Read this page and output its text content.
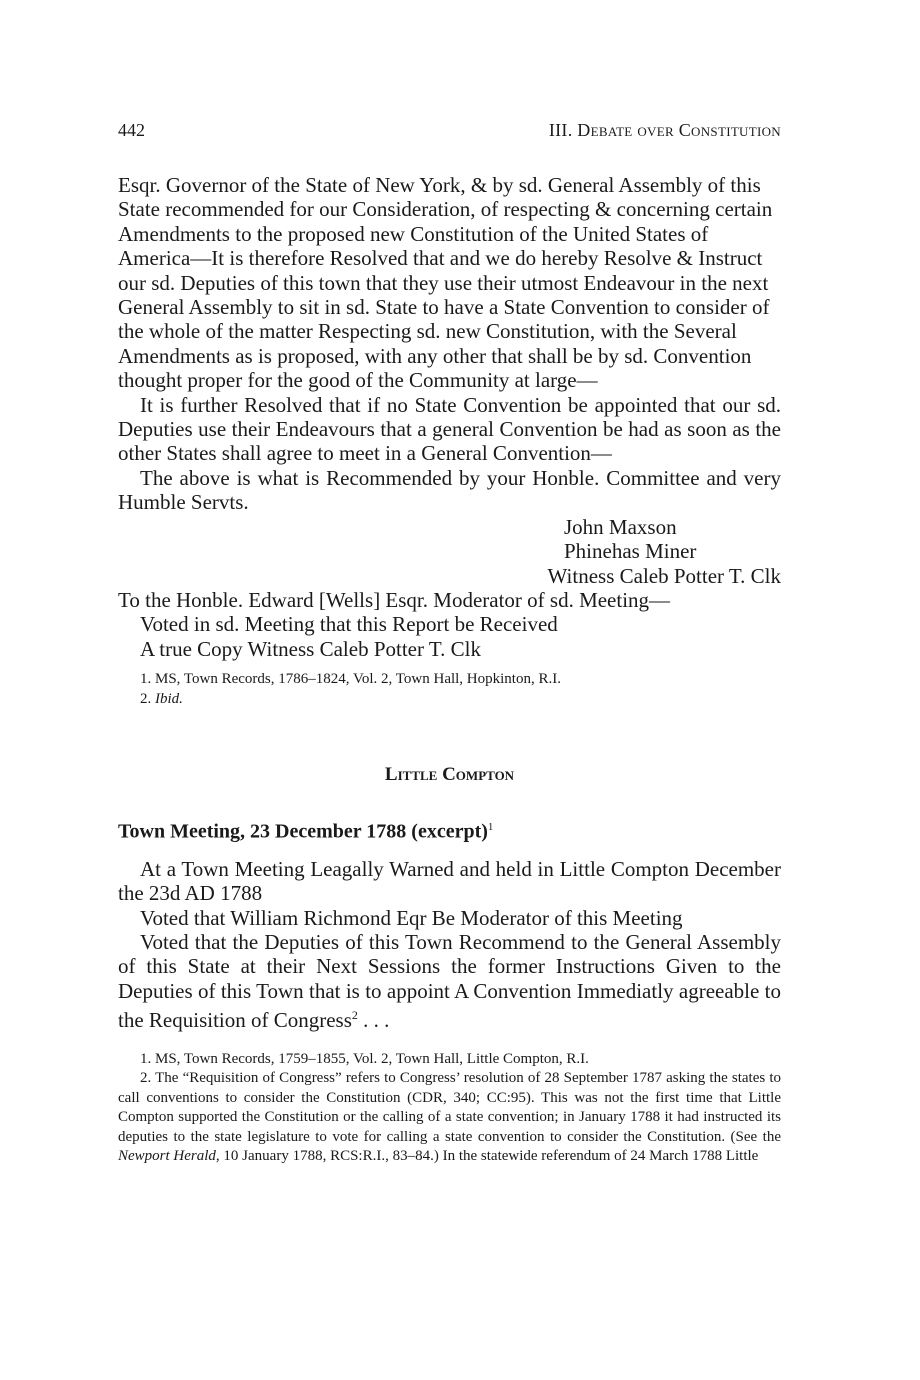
442	III. Debate over Constitution

Esqr. Governor of the State of New York, & by sd. General Assembly of this State recommended for our Consideration, of respecting & concerning certain Amendments to the proposed new Constitution of the United States of America—It is therefore Resolved that and we do hereby Resolve & Instruct our sd. Deputies of this town that they use their utmost Endeavour in the next General Assembly to sit in sd. State to have a State Convention to consider of the whole of the matter Respecting sd. new Constitution, with the Several Amendments as is proposed, with any other that shall be by sd. Convention thought proper for the good of the Community at large—

It is further Resolved that if no State Convention be appointed that our sd. Deputies use their Endeavours that a general Convention be had as soon as the other States shall agree to meet in a General Convention—

The above is what is Recommended by your Honble. Committee and very Humble Servts.

John Maxson

Phinehas Miner

Witness Caleb Potter T. Clk

To the Honble. Edward [Wells] Esqr. Moderator of sd. Meeting—

Voted in sd. Meeting that this Report be Received

A true Copy Witness Caleb Potter T. Clk

1. MS, Town Records, 1786–1824, Vol. 2, Town Hall, Hopkinton, R.I.

2. Ibid.

Little Compton
Town Meeting, 23 December 1788 (excerpt)$^1$

At a Town Meeting Leagally Warned and held in Little Compton December the 23d AD 1788

Voted that William Richmond Eqr Be Moderator of this Meeting

Voted that the Deputies of this Town Recommend to the General Assembly of this State at their Next Sessions the former Instructions Given to the Deputies of this Town that is to appoint A Convention Immediatly agreeable to the Requisition of Congress$^2$ . . .

1. MS, Town Records, 1759–1855, Vol. 2, Town Hall, Little Compton, R.I.

2. The “Requisition of Congress” refers to Congress’ resolution of 28 September 1787 asking the states to call conventions to consider the Constitution (CDR, 340; CC:95). This was not the first time that Little Compton supported the Constitution or the calling of a state convention; in January 1788 it had instructed its deputies to the state legislature to vote for calling a state convention to consider the Constitution. (See the Newport Herald, 10 January 1788, RCS:R.I., 83–84.) In the statewide referendum of 24 March 1788 Little
